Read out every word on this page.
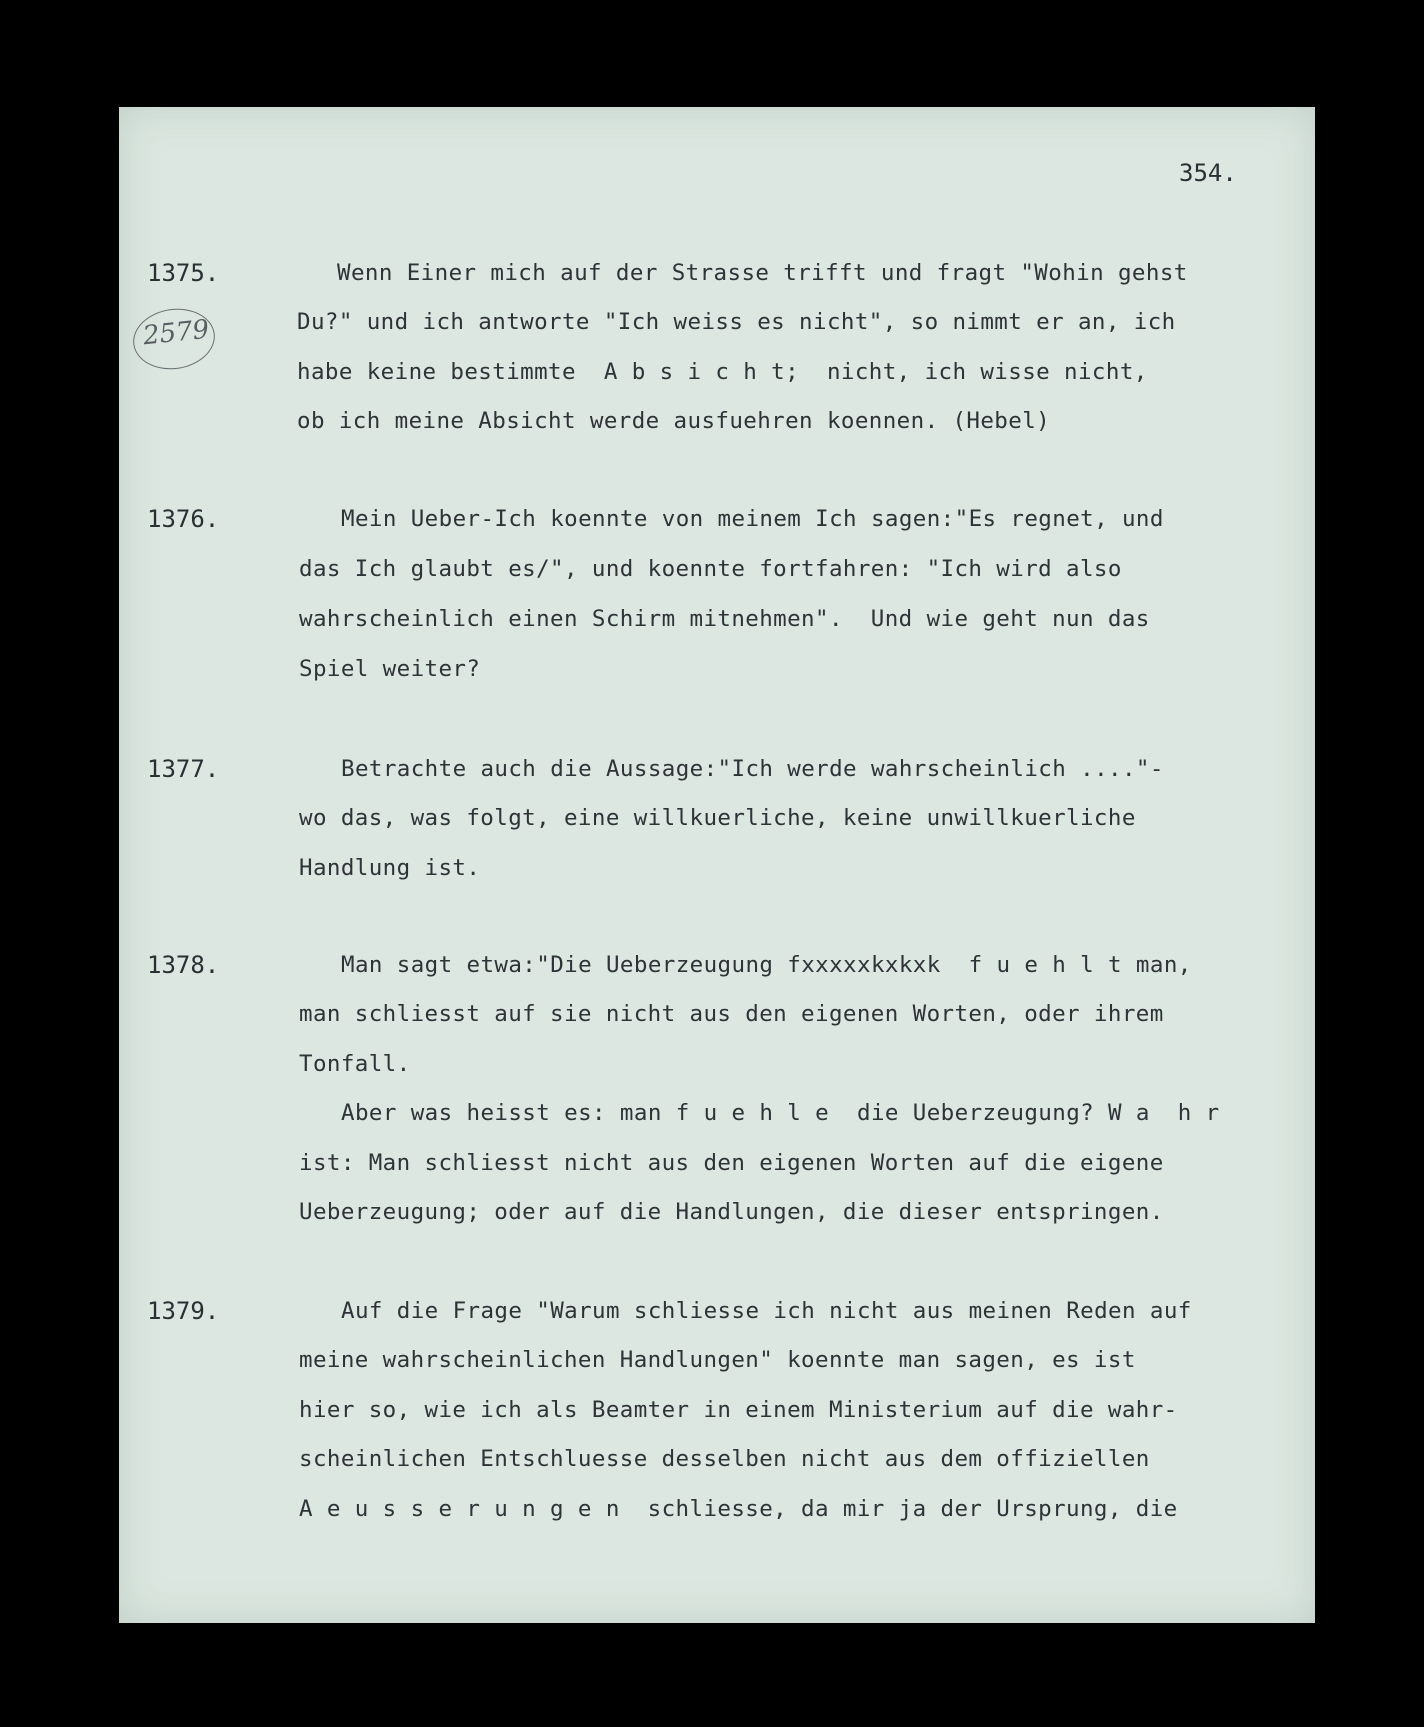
354.
2579
1375.	Wenn Einer mich auf der Strasse trifft und fragt "Wohin gehst
Du?" und ich antworte "Ich weiss es nicht", so nimmt er an, ich
habe keine bestimmte  A b s i c h t;  nicht, ich wisse nicht,
ob ich meine Absicht werde ausfuehren koennen. (Hebel)
1376.	Mein Ueber-Ich koennte von meinem Ich sagen:"Es regnet, und
das Ich glaubt es/", und koennte fortfahren: "Ich wird also
wahrscheinlich einen Schirm mitnehmen".  Und wie geht nun das
Spiel weiter?
1377.	Betrachte auch die Aussage:"Ich werde wahrscheinlich ...."-
wo das, was folgt, eine willkuerliche, keine unwillkuerliche
Handlung ist.
1378.	Man sagt etwa:"Die Ueberzeugung fxxxxxkxkxk  f u e h l t man,
man schliesst auf sie nicht aus den eigenen Worten, oder ihrem
Tonfall.
Aber was heisst es: man f u e h l e  die Ueberzeugung? W a  h r
ist: Man schliesst nicht aus den eigenen Worten auf die eigene
Ueberzeugung; oder auf die Handlungen, die dieser entspringen.
1379.	Auf die Frage "Warum schliesse ich nicht aus meinen Reden auf
meine wahrscheinlichen Handlungen" koennte man sagen, es ist
hier so, wie ich als Beamter in einem Ministerium auf die wahr-
scheinlichen Entschluesse desselben nicht aus dem offiziellen
A e u s s e r u n g e n  schliesse, da mir ja der Ursprung, die
